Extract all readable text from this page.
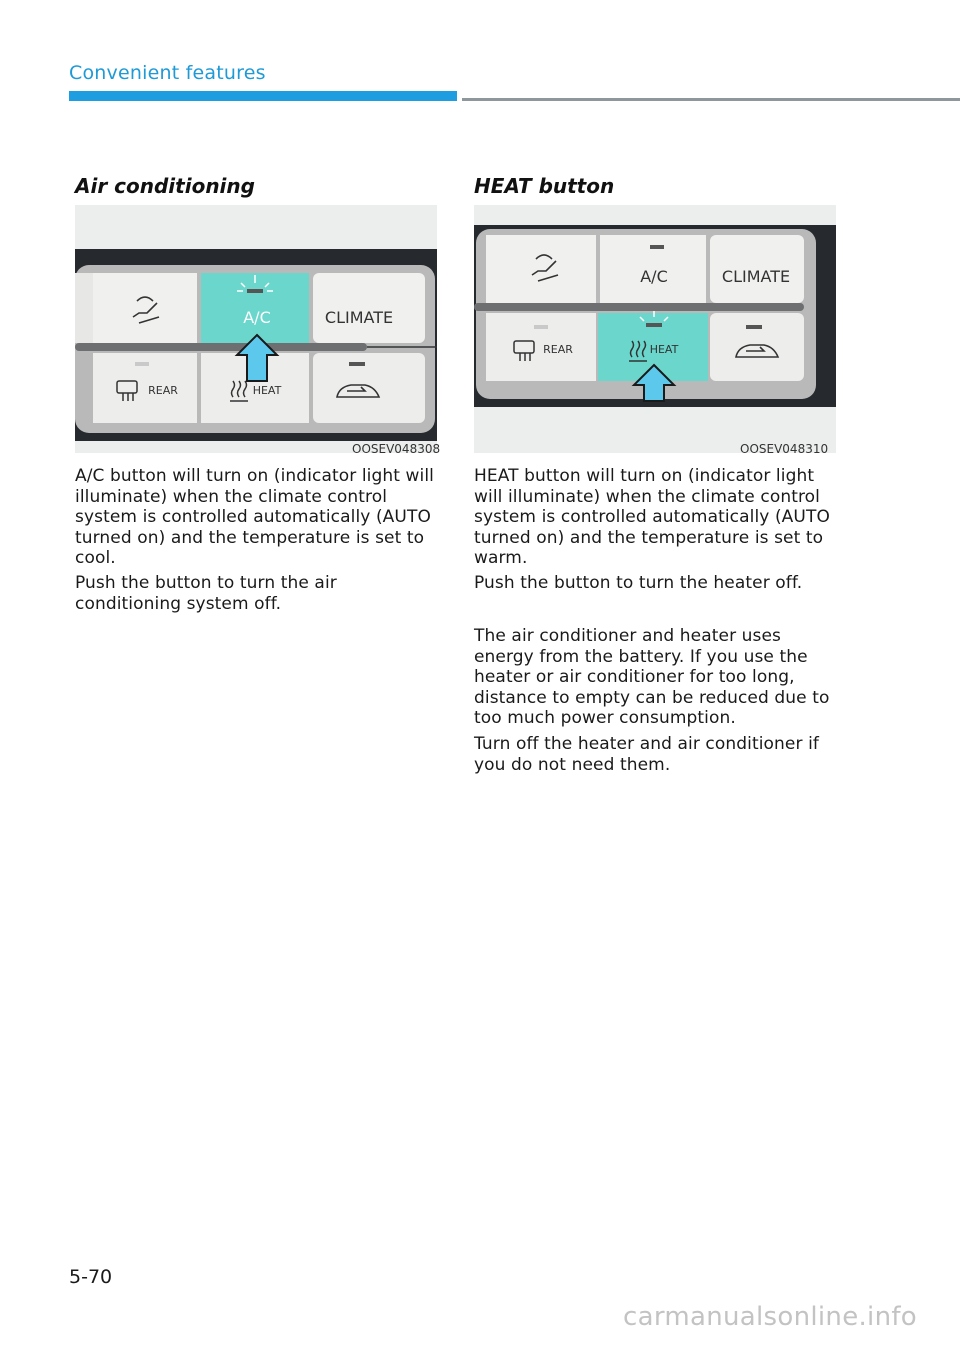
Convenient features
Air conditioning
A/C	CLIMATE
REAR	HEAT
OOSEV048308

A/C button will turn on (indicator light will illuminate) when the climate control system is controlled automatically (AUTO turned on) and the temperature is set to cool.

Push the button to turn the air conditioning system off.

HEAT button
A/C	CLIMATE
REAR	HEAT
OOSEV048310

HEAT button will turn on (indicator light will illuminate) when the climate control system is controlled automatically (AUTO turned on) and the temperature is set to warm.

Push the button to turn the heater off.

The air conditioner and heater uses energy from the battery. If you use the heater or air conditioner for too long, distance to empty can be reduced due to too much power consumption.

Turn off the heater and air conditioner if you do not need them.

5-70
carmanualsonline.info
